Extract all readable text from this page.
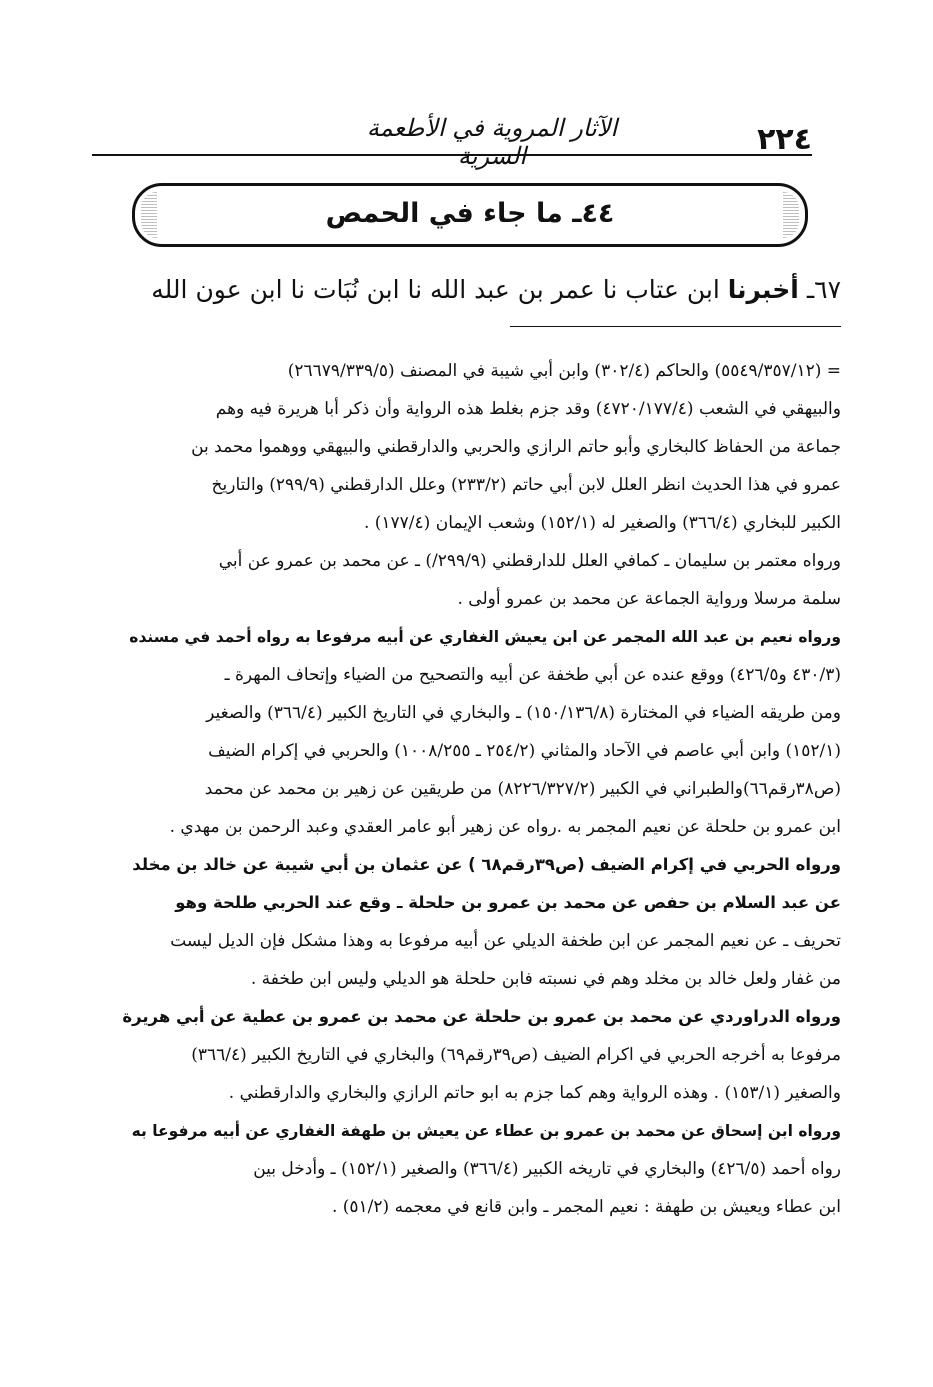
٢٢٤
الآثار المروية في الأطعمة السرية
٤٤ـ ما جاء في الحمص
٦٧ـ أخبرنا ابن عتاب نا عمر بن عبد الله نا ابن نُبَات نا ابن عون الله
= (٥٥٤٩/٣٥٧/١٢) والحاكم (٣٠٢/٤) وابن أبي شيبة في المصنف (٢٦٦٧٩/٣٣٩/٥)
والبيهقي في الشعب (٤٧٢٠/١٧٧/٤) وقد جزم بغلط هذه الرواية وأن ذكر أبا هريرة فيه وهم
جماعة من الحفاظ كالبخاري وأبو حاتم الرازي والحربي والدارقطني والبيهقي ووهموا محمد بن
عمرو في هذا الحديث انظر العلل لابن أبي حاتم (٢٣٣/٢) وعلل الدارقطني (٢٩٩/٩) والتاريخ
الكبير للبخاري (٣٦٦/٤) والصغير له (١٥٢/١) وشعب الإيمان (١٧٧/٤) .
ورواه معتمر بن سليمان ـ كمافي العلل للدارقطني (٢٩٩/٩/) ـ عن محمد بن عمرو عن أبي
سلمة مرسلا ورواية الجماعة عن محمد بن عمرو أولى .
ورواه نعيم بن عبد الله المجمر عن ابن يعيش الغفاري عن أبيه مرفوعا به رواه أحمد في مسنده
(٤٣٠/٣ و٤٢٦/٥) ووقع عنده عن أبي طخفة عن أبيه والتصحيح من الضياء وإتحاف المهرة ـ
ومن طريقه الضياء في المختارة (١٥٠/١٣٦/٨) ـ والبخاري في التاريخ الكبير (٣٦٦/٤) والصغير
(١٥٢/١) وابن أبي عاصم في الآحاد والمثاني (٢٥٤/٢ ـ ١٠٠٨/٢٥٥) والحربي في إكرام الضيف
(ص٣٨رقم٦٦)والطبراني في الكبير (٨٢٢٦/٣٢٧/٢) من طريقين عن زهير بن محمد عن محمد
ابن عمرو بن حلحلة عن نعيم المجمر به .رواه عن زهير أبو عامر العقدي وعبد الرحمن بن مهدي .
ورواه الحربي في إكرام الضيف (ص٣٩رقم٦٨ ) عن عثمان بن أبي شيبة عن خالد بن مخلد
عن عبد السلام بن حفص عن محمد بن عمرو بن حلحلة ـ وقع عند الحربي طلحة وهو
تحريف ـ عن نعيم المجمر عن ابن طخفة الديلي عن أبيه مرفوعا به وهذا مشكل فإن الديل ليست
من غفار ولعل خالد بن مخلد وهم في نسبته فابن حلحلة هو الديلي وليس ابن طخفة .
ورواه الدراوردي عن محمد بن عمرو بن حلحلة عن محمد بن عمرو بن عطية عن أبي هريرة
مرفوعا به أخرجه الحربي في اكرام الضيف (ص٣٩رقم٦٩) والبخاري في التاريخ الكبير (٣٦٦/٤)
والصغير (١٥٣/١) . وهذه الرواية وهم كما جزم به ابو حاتم الرازي والبخاري والدارقطني .
ورواه ابن إسحاق عن محمد بن عمرو بن عطاء عن يعيش بن طهفة الغفاري عن أبيه مرفوعا به
رواه أحمد (٤٢٦/٥) والبخاري في تاريخه الكبير (٣٦٦/٤) والصغير (١٥٢/١) ـ وأدخل بين
ابن عطاء ويعيش بن طهفة : نعيم المجمر ـ وابن قانع في معجمه (٥١/٢) .
